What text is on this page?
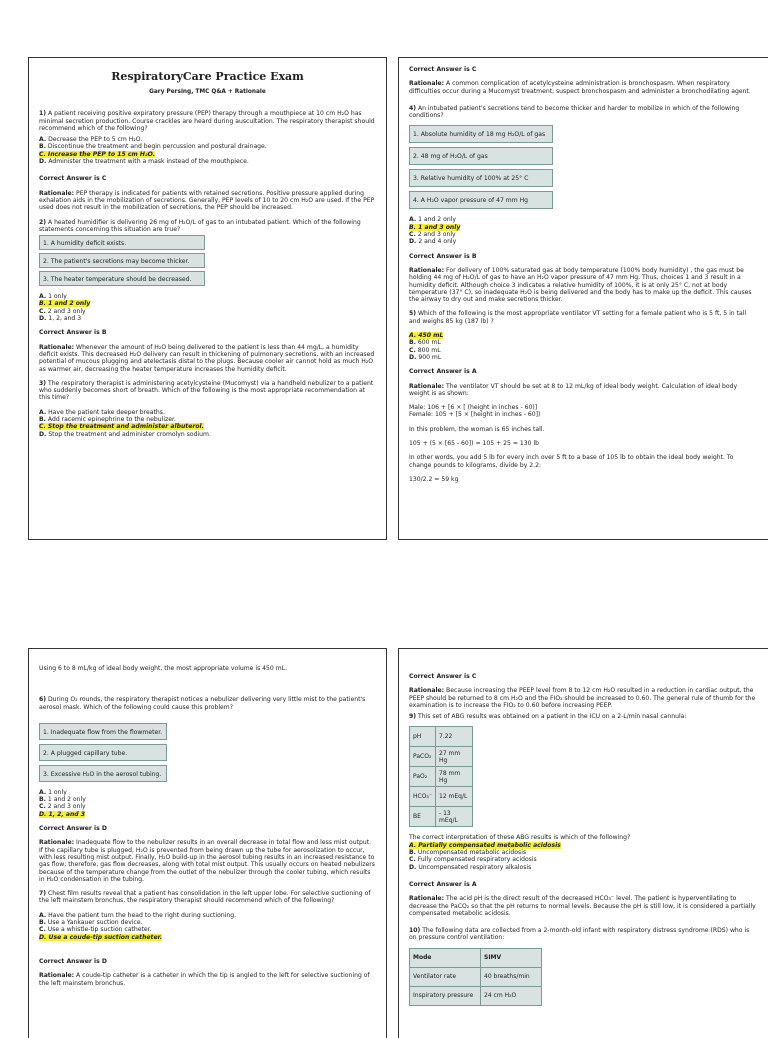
RespiratoryCare Practice Exam

Gary Persing, TMC Q&A + Rationale

1) A patient receiving positive expiratory pressure (PEP) therapy through a mouthpiece at 10 cm H₂O has minimal secretion production. Course crackles are heard during auscultation. The respiratory therapist should recommend which of the following?

A. Decrease the PEP to 5 cm H₂O.

B. Discontinue the treatment and begin percussion and postural drainage.

C. Increase the PEP to 15 cm H₂O.

D. Administer the treatment with a mask instead of the mouthpiece.

Correct Answer is C

Rationale: PEP therapy is indicated for patients with retained secretions. Positive pressure applied during exhalation aids in the mobilization of secretions. Generally, PEP levels of 10 to 20 cm H₂O are used. If the PEP used does not result in the mobilization of secretions, the PEP should be increased.

2) A heated humidifier is delivering 26 mg of H₂O/L of gas to an intubated patient. Which of the following statements concerning this situation are true?

1. A humidity deficit exists.
2. The patient's secretions may become thicker.
3. The heater temperature should be decreased.

A. 1 only

B. 1 and 2 only

C. 2 and 3 only

D. 1, 2, and 3

Correct Answer is B

Rationale: Whenever the amount of H₂O being delivered to the patient is less than 44 mg/L, a humidity deficit exists. This decreased H₂O delivery can result in thickening of pulmonary secretions, with an increased potential of mucous plugging and atelectasis distal to the plugs. Because cooler air cannot hold as much H₂O as warmer air, decreasing the heater temperature increases the humidity deficit.

3) The respiratory therapist is administering acetylcysteine (Mucomyst) via a handheld nebulizer to a patient who suddenly becomes short of breath. Which of the following is the most appropriate recommendation at this time?

A. Have the patient take deeper breaths.

B. Add racemic epinephrine to the nebulizer.

C. Stop the treatment and administer albuterol.

D. Stop the treatment and administer cromolyn sodium.

Correct Answer is C

Rationale: A common complication of acetylcysteine administration is bronchospasm. When respiratory difficulties occur during a Mucomyst treatment, suspect bronchospasm and administer a bronchodilating agent.

4) An intubated patient's secretions tend to become thicker and harder to mobilize in which of the following conditions?

1. Absolute humidity of 18 mg H₂O/L of gas
2. 48 mg of H₂O/L of gas
3. Relative humidity of 100% at 25° C
4. A H₂O vapor pressure of 47 mm Hg

A. 1 and 2 only

B. 1 and 3 only

C. 2 and 3 only

D. 2 and 4 only

Correct Answer is B

Rationale: For delivery of 100% saturated gas at body temperature (100% body humidity) , the gas must be holding 44 mg of H₂O/L of gas to have an H₂O vapor pressure of 47 mm Hg. Thus, choices 1 and 3 result in a humidity deficit. Although choice 3 indicates a relative humidity of 100%, it is at only 25° C, not at body temperature (37° C), so inadequate H₂O is being delivered and the body has to make up the deficit. This causes the airway to dry out and make secretions thicker.

5) Which of the following is the most appropriate ventilator VT setting for a female patient who is 5 ft, 5 in tall and weighs 85 kg (187 lb) ?

A. 450 mL

B. 600 mL

C. 800 mL

D. 900 mL

Correct Answer is A

Rationale: The ventilator VT should be set at 8 to 12 mL/kg of ideal body weight. Calculation of ideal body weight is as shown:

Male: 106 + [6 × [ (height in inches - 60)]

Female: 105 + [5 × [height in inches - 60])

In this problem, the woman is 65 inches tall.

105 + (5 × [65 - 60]) = 105 + 25 = 130 lb

In other words, you add 5 lb for every inch over 5 ft to a base of 105 lb to obtain the ideal body weight. To change pounds to kilograms, divide by 2.2:

130/2.2 = 59 kg

Using 6 to 8 mL/kg of ideal body weight, the most appropriate volume is 450 mL.

6) During O₂ rounds, the respiratory therapist notices a nebulizer delivering very little mist to the patient's aerosol mask. Which of the following could cause this problem?

1. Inadequate flow from the flowmeter.
2. A plugged capillary tube.
3. Excessive H₂O in the aerosol tubing.

A. 1 only

B. 1 and 2 only

C. 2 and 3 only

D. 1, 2, and 3

Correct Answer is D

Rationale: Inadequate flow to the nebulizer results in an overall decrease in total flow and less mist output. If the capillary tube is plugged, H₂O is prevented from being drawn up the tube for aerosolization to occur, with less resulting mist output. Finally, H₂O build-up in the aerosol tubing results in an increased resistance to gas flow; therefore, gas flow decreases, along with total mist output. This usually occurs on heated nebulizers because of the temperature change from the outlet of the nebulizer through the cooler tubing, which results in H₂O condensation in the tubing.

7) Chest film results reveal that a patient has consolidation in the left upper lobe. For selective suctioning of the left mainstem bronchus, the respiratory therapist should recommend which of the following?

A. Have the patient turn the head to the right during suctioning.

B. Use a Yankauer suction device.

C. Use a whistle-tip suction catheter.

D. Use a coude-tip suction catheter.

Correct Answer is D

Rationale: A coude-tip catheter is a catheter in which the tip is angled to the left for selective suctioning of the left mainstem bronchus.

Correct Answer is C

Rationale: Because increasing the PEEP level from 8 to 12 cm H₂O resulted in a reduction in cardiac output, the PEEP should be returned to 8 cm H₂O and the FIO₂ should be increased to 0.60. The general rule of thumb for the examination is to increase the FIO₂ to 0.60 before increasing PEEP.

9) This set of ABG results was obtained on a patient in the ICU on a 2-L/min nasal cannula:

pH	7.22
PaCO₂	27 mm Hg
PaO₂	78 mm Hg
HCO₃⁻	12 mEq/L
BE	- 13 mEq/L

The correct interpretation of these ABG results is which of the following?

A. Partially compensated metabolic acidosis

B. Uncompensated metabolic acidosis

C. Fully compensated respiratory acidosis

D. Uncompensated respiratory alkalosis

Correct Answer is A

Rationale: The acid pH is the direct result of the decreased HCO₃⁻ level. The patient is hyperventilating to decrease the PaCO₂ so that the pH returns to normal levels. Because the pH is still low, it is considered a partially compensated metabolic acidosis.

10) The following data are collected from a 2-month-old infant with respiratory distress syndrome (RDS) who is on pressure control ventilation:

Mode	SIMV
Ventilator rate	40 breaths/min
Inspiratory pressure	24 cm H₂O
